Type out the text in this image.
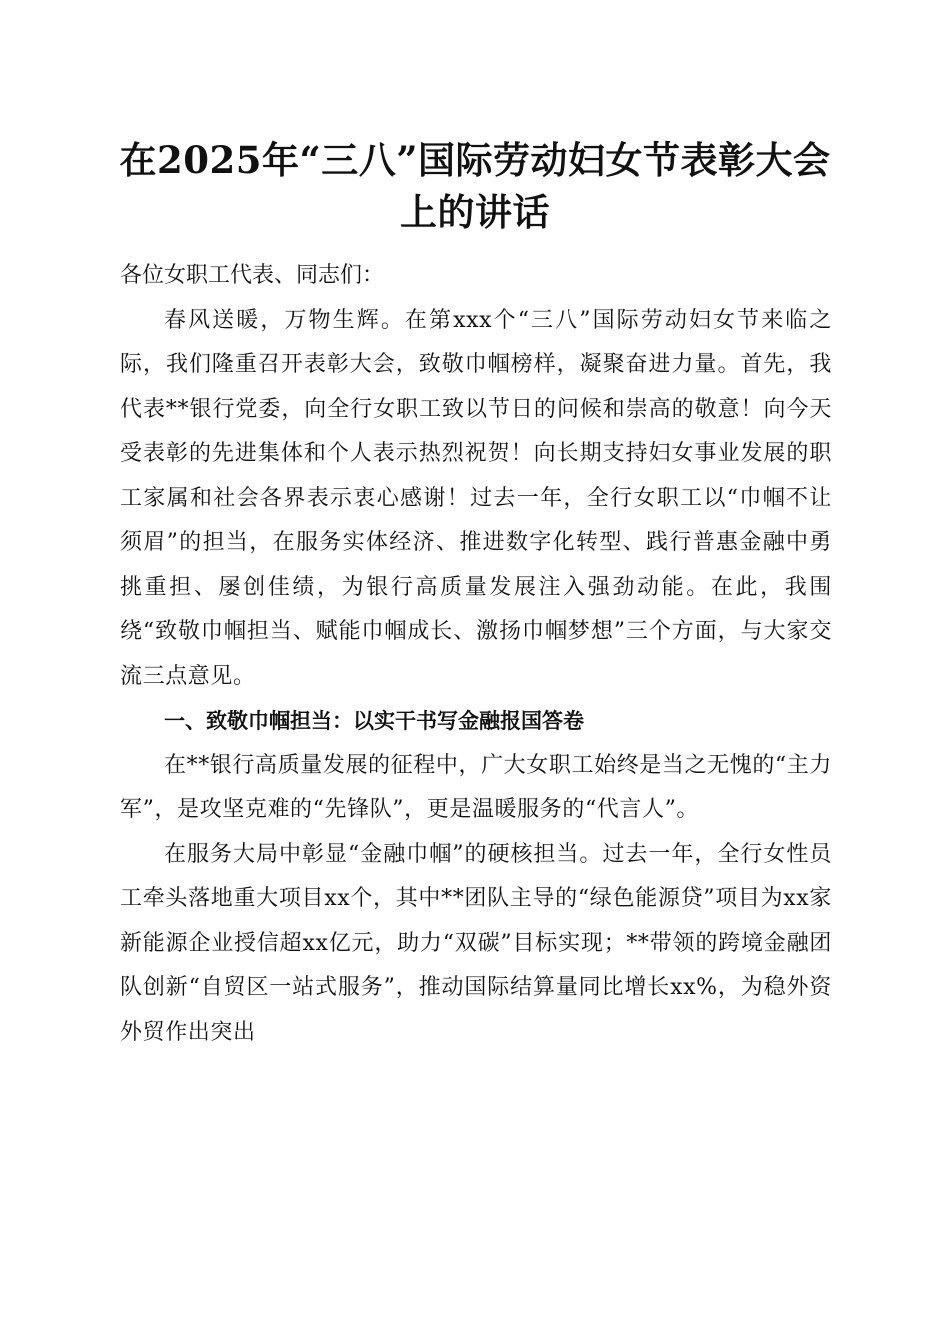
在2025年“三八”国际劳动妇女节表彰大会
上的讲话

各位女职工代表、同志们：

春风送暖，万物生辉。在第xxx个“三八”国际劳动妇女节来临之际，我们隆重召开表彰大会，致敬巾帼榜样，凝聚奋进力量。首先，我代表**银行党委，向全行女职工致以节日的问候和崇高的敬意！向今天受表彰的先进集体和个人表示热烈祝贺！向长期支持妇女事业发展的职工家属和社会各界表示衷心感谢！过去一年，全行女职工以“巾帼不让须眉”的担当，在服务实体经济、推进数字化转型、践行普惠金融中勇挑重担、屡创佳绩，为银行高质量发展注入强劲动能。在此，我围绕“致敬巾帼担当、赋能巾帼成长、激扬巾帼梦想”三个方面，与大家交流三点意见。

一、致敬巾帼担当：以实干书写金融报国答卷

在**银行高质量发展的征程中，广大女职工始终是当之无愧的“主力军”，是攻坚克难的“先锋队”，更是温暖服务的“代言人”。

在服务大局中彰显“金融巾帼”的硬核担当。过去一年，全行女性员工牵头落地重大项目xx个，其中**团队主导的“绿色能源贷”项目为xx家新能源企业授信超xx亿元，助力“双碳”目标实现；**带领的跨境金融团队创新“自贸区一站式服务”，推动国际结算量同比增长xx%，为稳外资外贸作出突出
